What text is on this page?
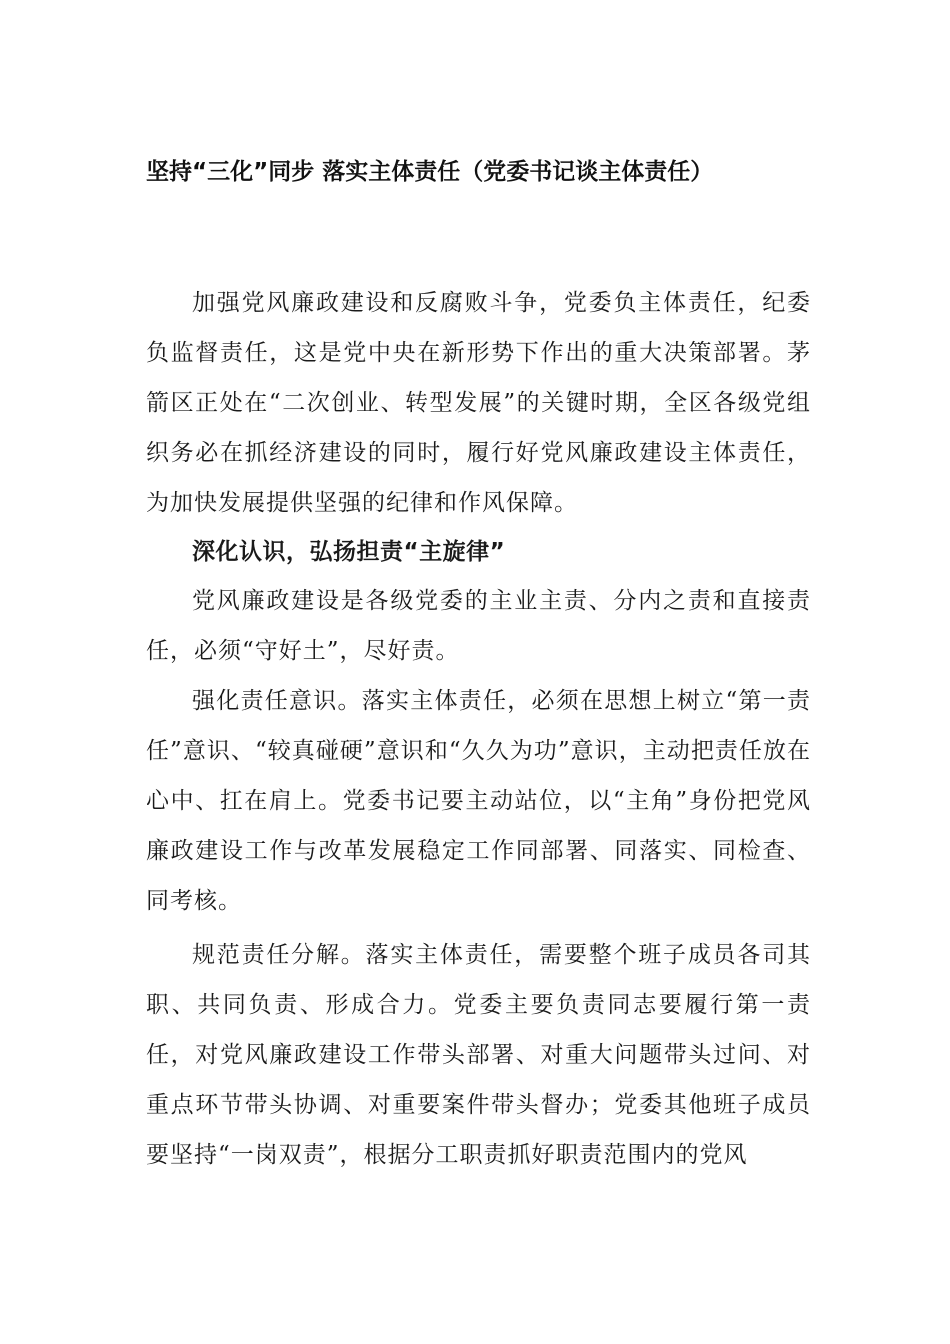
坚持“三化”同步 落实主体责任（党委书记谈主体责任）

加强党风廉政建设和反腐败斗争，党委负主体责任，纪委负监督责任，这是党中央在新形势下作出的重大决策部署。茅箭区正处在“二次创业、转型发展”的关键时期，全区各级党组织务必在抓经济建设的同时，履行好党风廉政建设主体责任，为加快发展提供坚强的纪律和作风保障。

深化认识，弘扬担责“主旋律”

党风廉政建设是各级党委的主业主责、分内之责和直接责任，必须“守好土”，尽好责。

强化责任意识。落实主体责任，必须在思想上树立“第一责任”意识、“较真碰硬”意识和“久久为功”意识，主动把责任放在心中、扛在肩上。党委书记要主动站位，以“主角”身份把党风廉政建设工作与改革发展稳定工作同部署、同落实、同检查、同考核。

规范责任分解。落实主体责任，需要整个班子成员各司其职、共同负责、形成合力。党委主要负责同志要履行第一责任，对党风廉政建设工作带头部署、对重大问题带头过问、对重点环节带头协调、对重要案件带头督办；党委其他班子成员要坚持“一岗双责”，根据分工职责抓好职责范围内的党风
